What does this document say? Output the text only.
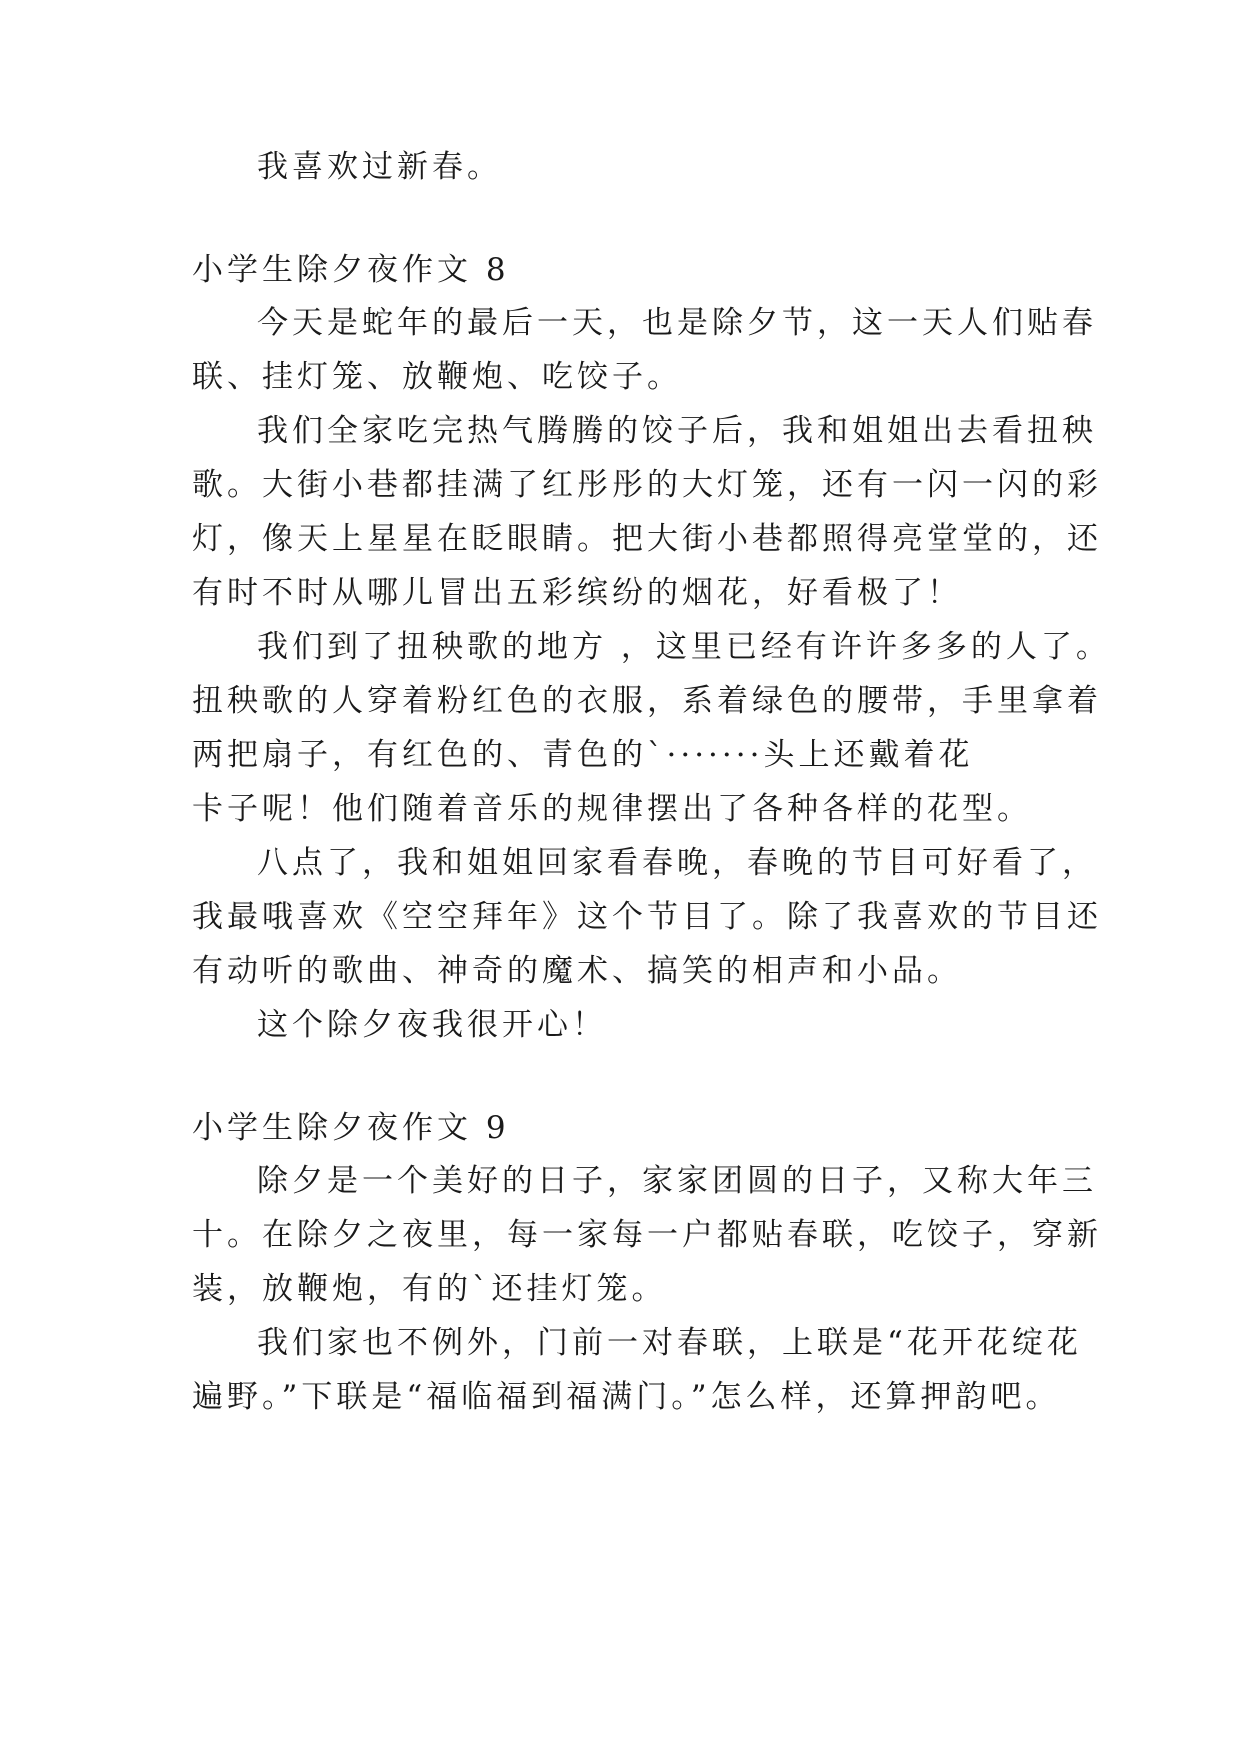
我喜欢过新春。
小学生除夕夜作文 8
今天是蛇年的最后一天，也是除夕节，这一天人们贴春
联、挂灯笼、放鞭炮、吃饺子。
我们全家吃完热气腾腾的饺子后，我和姐姐出去看扭秧
歌。大街小巷都挂满了红彤彤的大灯笼，还有一闪一闪的彩
灯，像天上星星在眨眼睛。把大街小巷都照得亮堂堂的，还
有时不时从哪儿冒出五彩缤纷的烟花，好看极了！
我们到了扭秧歌的地方 ，这里已经有许许多多的人了。
扭秧歌的人穿着粉红色的衣服，系着绿色的腰带，手里拿着
两把扇子，有红色的、青色的`·······头上还戴着花
卡子呢！他们随着音乐的规律摆出了各种各样的花型。
八点了，我和姐姐回家看春晚，春晚的节目可好看了，
我最哦喜欢《空空拜年》这个节目了。除了我喜欢的节目还
有动听的歌曲、神奇的魔术、搞笑的相声和小品。
这个除夕夜我很开心！
小学生除夕夜作文 9
除夕是一个美好的日子，家家团圆的日子，又称大年三
十。在除夕之夜里，每一家每一户都贴春联，吃饺子，穿新
装，放鞭炮，有的`还挂灯笼。
我们家也不例外，门前一对春联，上联是“花开花绽花
遍野。”下联是“福临福到福满门。”怎么样，还算押韵吧。
